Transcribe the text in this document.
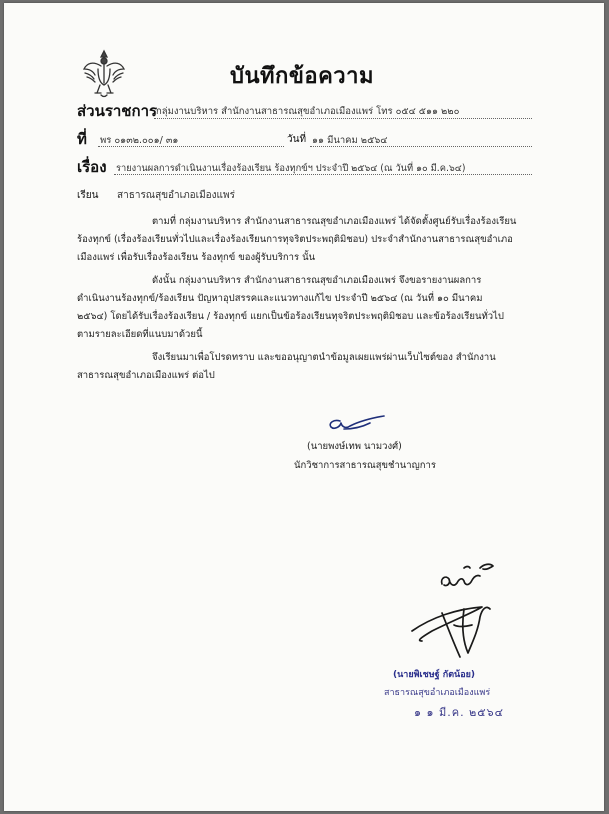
บันทึกข้อความ
ส่วนราชการ
กลุ่มงานบริหาร สำนักงานสาธารณสุขอำเภอเมืองแพร่ โทร ๐๕๔ ๕๑๑ ๒๒๐
ที่ พร ๐๑๓๒.๐๐๑/ ๓๑	วันที่ ๑๑ มีนาคม ๒๕๖๔
เรื่อง รายงานผลการดำเนินงานเรื่องร้องเรียน ร้องทุกข์ฯ ประจำปี ๒๕๖๔ (ณ วันที่ ๑๐ มี.ค.๖๔)
เรียน สาธารณสุขอำเภอเมืองแพร่
ตามที่ กลุ่มงานบริหาร สำนักงานสาธารณสุขอำเภอเมืองแพร่ ได้จัดตั้งศูนย์รับเรื่องร้องเรียน
ร้องทุกข์ (เรื่องร้องเรียนทั่วไปและเรื่องร้องเรียนการทุจริตประพฤติมิชอบ) ประจำสำนักงานสาธารณสุขอำเภอ
เมืองแพร่ เพื่อรับเรื่องร้องเรียน ร้องทุกข์ ของผู้รับบริการ นั้น
ดังนั้น กลุ่มงานบริหาร สำนักงานสาธารณสุขอำเภอเมืองแพร่ จึงขอรายงานผลการ
ดำเนินงานร้องทุกข์/ร้องเรียน ปัญหาอุปสรรคและแนวทางแก้ไข ประจำปี ๒๕๖๔ (ณ วันที่ ๑๐ มีนาคม
๒๕๖๔) โดยได้รับเรื่องร้องเรียน / ร้องทุกข์ แยกเป็นข้อร้องเรียนทุจริตประพฤติมิชอบ และข้อร้องเรียนทั่วไป
ตามรายละเอียดที่แนบมาด้วยนี้
จึงเรียนมาเพื่อโปรดทราบ และขออนุญาตนำข้อมูลเผยแพร่ผ่านเว็บไซต์ของ สำนักงาน
สาธารณสุขอำเภอเมืองแพร่ ต่อไป
(นายพงษ์เทพ นามวงศ์)
นักวิชาการสาธารณสุขชำนาญการ
(นายพิเชษฐ์ กัตน้อย)
สาธารณสุขอำเภอเมืองแพร่
๑ ๑ มี.ค. ๒๕๖๔
